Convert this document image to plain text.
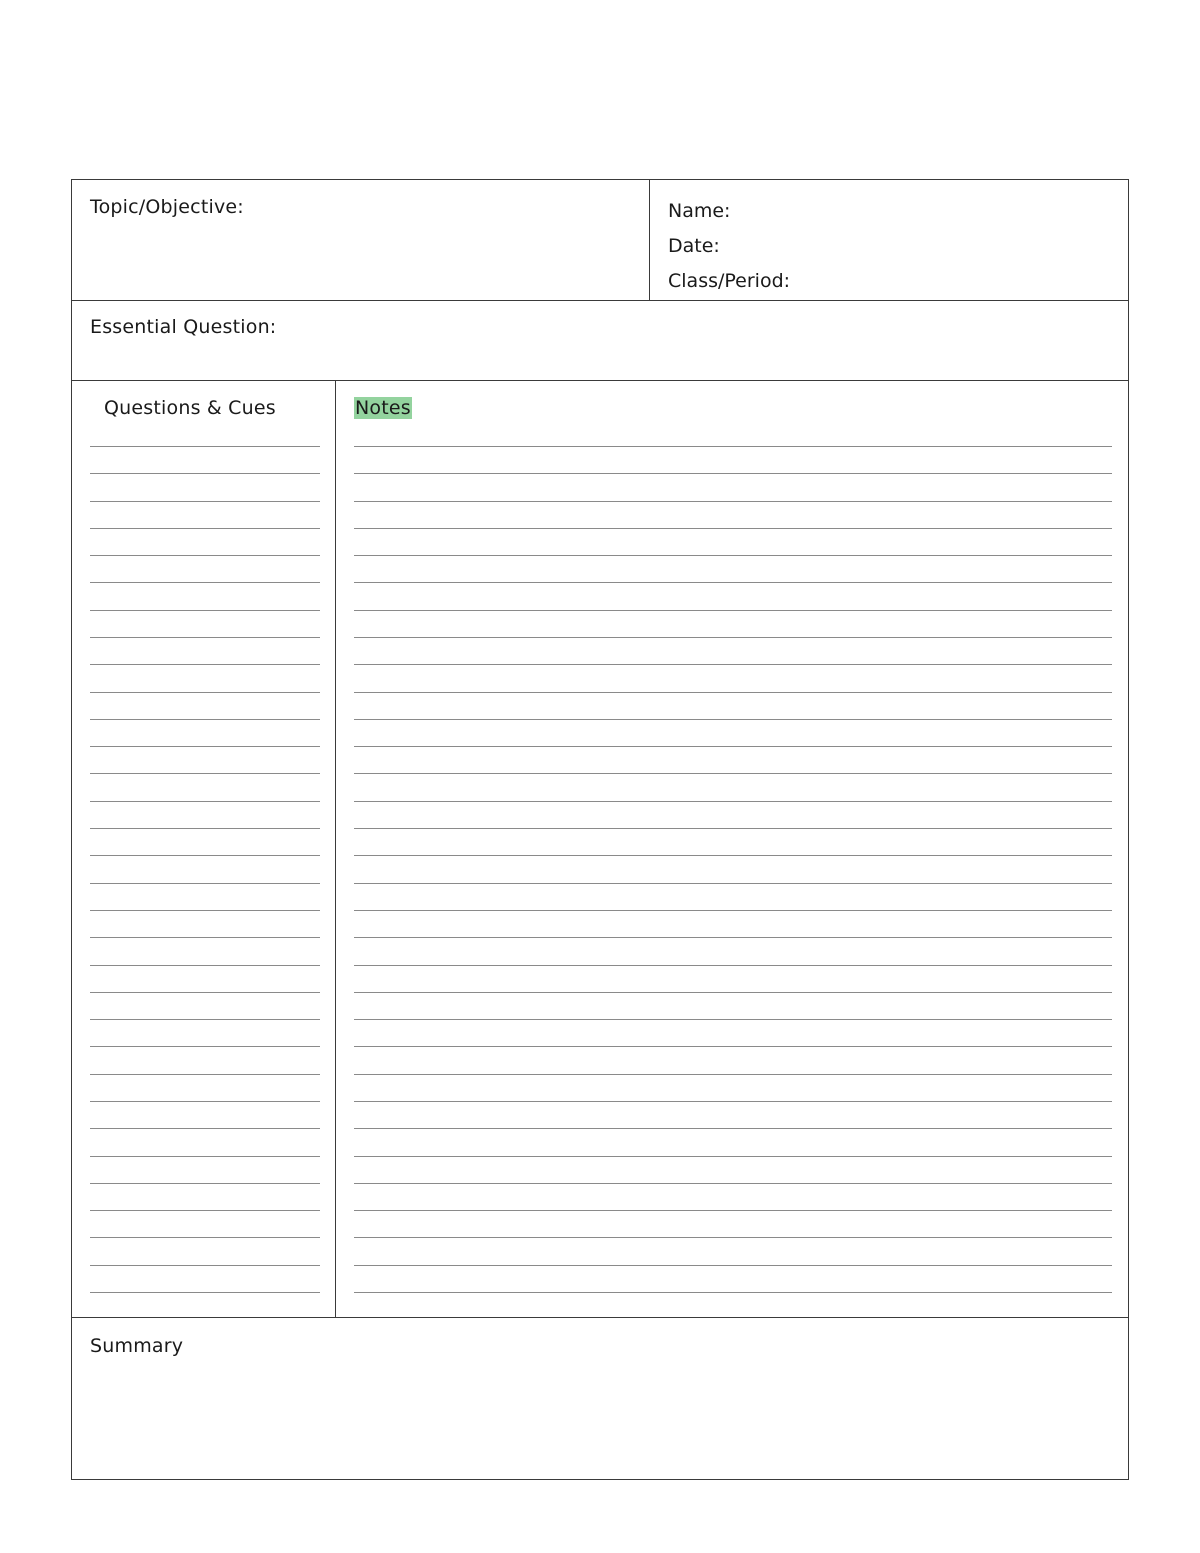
Topic/Objective:	Name:
Date:
Class/Period:
Essential Question:
Questions & Cues	Notes
Summary
